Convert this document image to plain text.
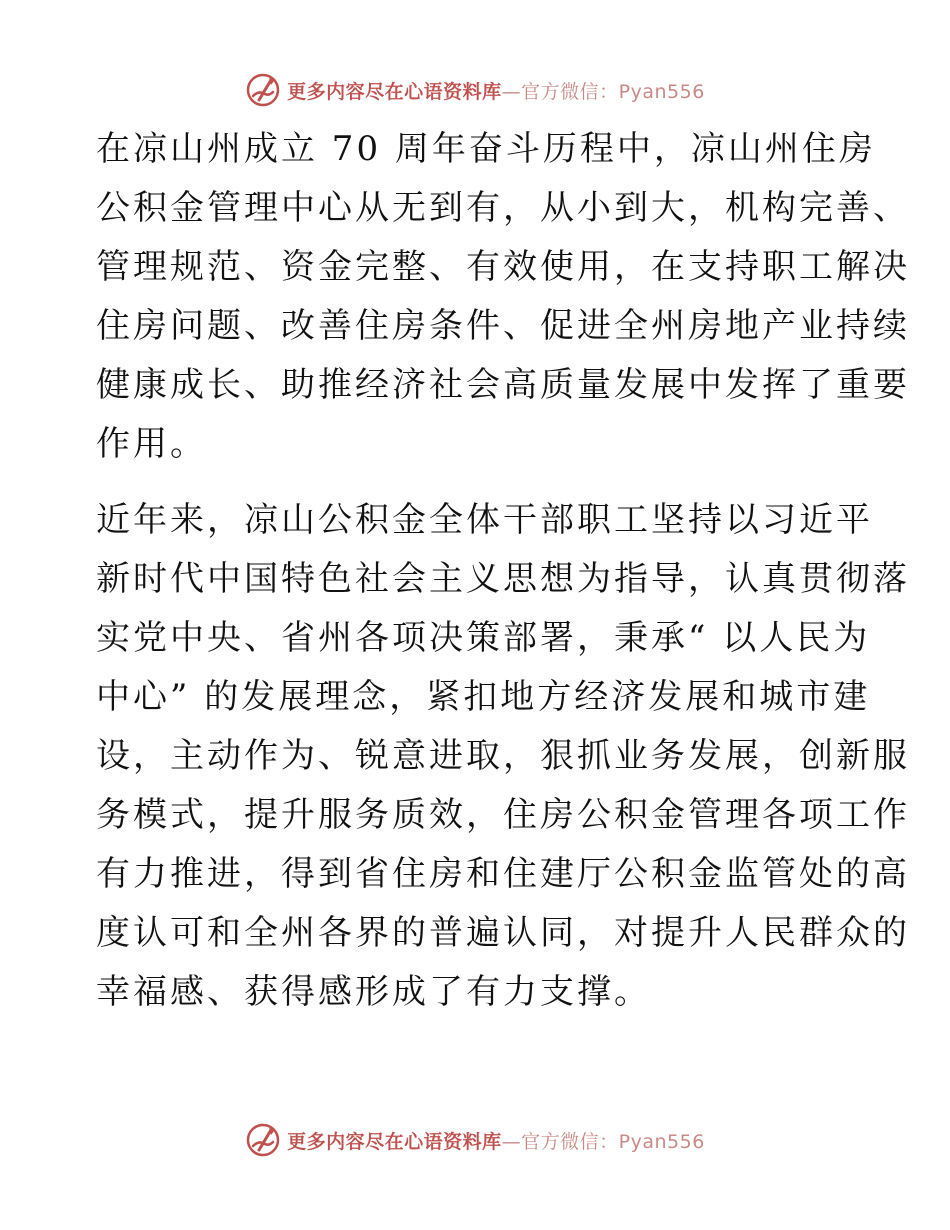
更多内容尽在心语资料库—官方微信：Pyan556

在凉山州成立 70 周年奋斗历程中，凉山州住房
公积金管理中心从无到有，从小到大，机构完善、
管理规范、资金完整、有效使用，在支持职工解决
住房问题、改善住房条件、促进全州房地产业持续
健康成长、助推经济社会高质量发展中发挥了重要
作用。

近年来，凉山公积金全体干部职工坚持以习近平
新时代中国特色社会主义思想为指导，认真贯彻落
实党中央、省州各项决策部署，秉承“ 以人民为
中心” 的发展理念，紧扣地方经济发展和城市建
设，主动作为、锐意进取，狠抓业务发展，创新服
务模式，提升服务质效，住房公积金管理各项工作
有力推进，得到省住房和住建厅公积金监管处的高
度认可和全州各界的普遍认同，对提升人民群众的
幸福感、获得感形成了有力支撑。

更多内容尽在心语资料库—官方微信：Pyan556
